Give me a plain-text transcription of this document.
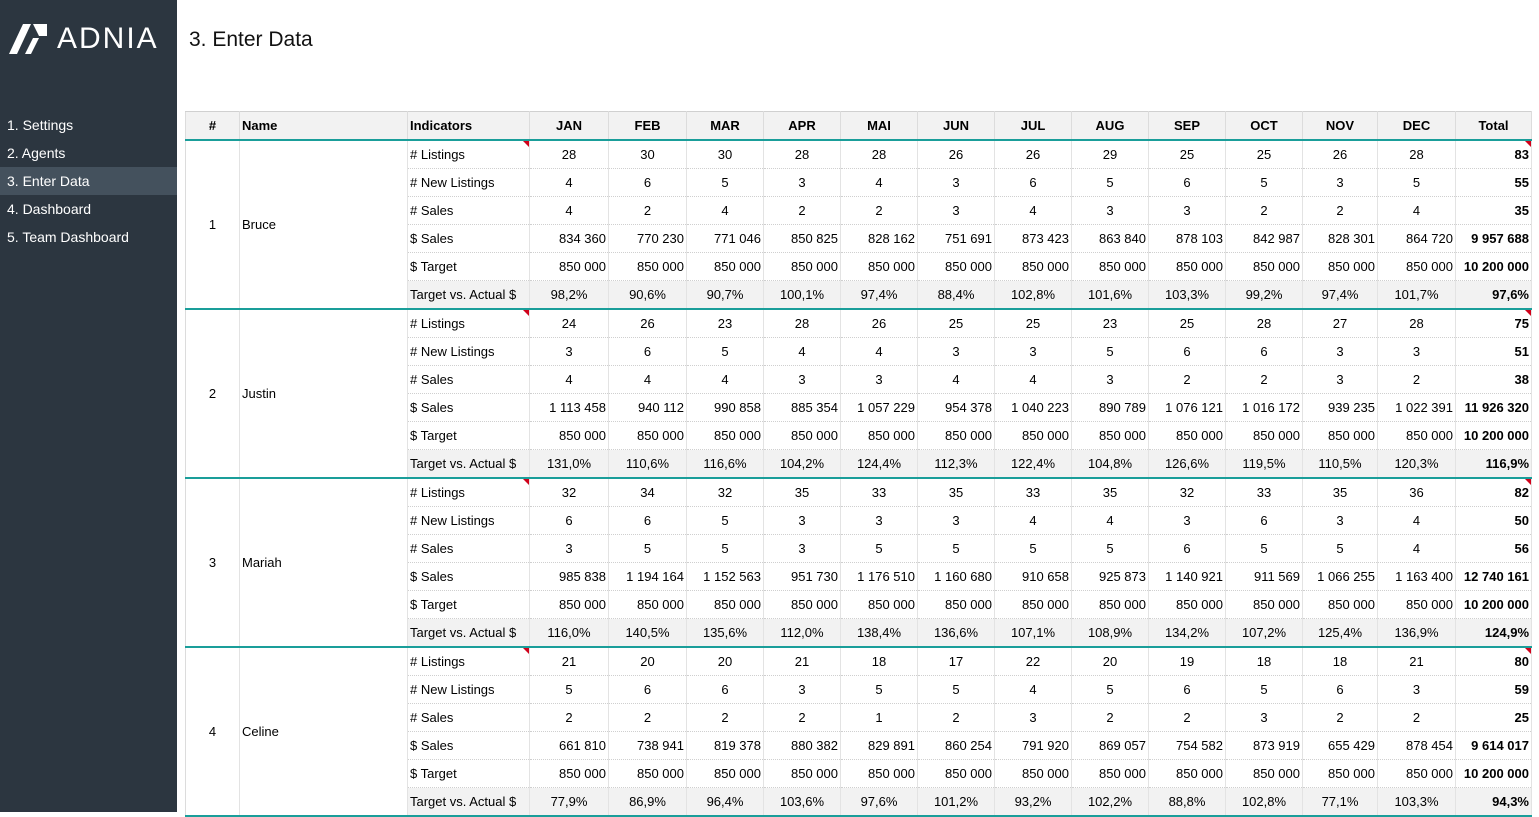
ADNIA
1. Settings
2. Agents
3. Enter Data
4. Dashboard
5. Team Dashboard
3. Enter Data
#	Name	Indicators	JAN	FEB	MAR	APR	MAI	JUN	JUL	AUG	SEP	OCT	NOV	DEC	Total
1	Bruce	# Listings	28	30	30	28	28	26	26	29	25	25	26	28	83

		# New Listings	4	6	5	3	4	3	6	5	6	5	3	5	55
		# Sales	4	2	4	2	2	3	4	3	3	2	2	4	35
		$ Sales	834 360	770 230	771 046	850 825	828 162	751 691	873 423	863 840	878 103	842 987	828 301	864 720	9 957 688
		$ Target	850 000	850 000	850 000	850 000	850 000	850 000	850 000	850 000	850 000	850 000	850 000	850 000	10 200 000
		Target vs. Actual $	98,2%	90,6%	90,7%	100,1%	97,4%	88,4%	102,8%	101,6%	103,3%	99,2%	97,4%	101,7%	97,6%
2	Justin	# Listings	24	26	23	28	26	25	25	23	25	28	27	28	75

		# New Listings	3	6	5	4	4	3	3	5	6	6	3	3	51
		# Sales	4	4	4	3	3	4	4	3	2	2	3	2	38
		$ Sales	1 113 458	940 112	990 858	885 354	1 057 229	954 378	1 040 223	890 789	1 076 121	1 016 172	939 235	1 022 391	11 926 320
		$ Target	850 000	850 000	850 000	850 000	850 000	850 000	850 000	850 000	850 000	850 000	850 000	850 000	10 200 000
		Target vs. Actual $	131,0%	110,6%	116,6%	104,2%	124,4%	112,3%	122,4%	104,8%	126,6%	119,5%	110,5%	120,3%	116,9%
3	Mariah	# Listings	32	34	32	35	33	35	33	35	32	33	35	36	82

		# New Listings	6	6	5	3	3	3	4	4	3	6	3	4	50
		# Sales	3	5	5	3	5	5	5	5	6	5	5	4	56
		$ Sales	985 838	1 194 164	1 152 563	951 730	1 176 510	1 160 680	910 658	925 873	1 140 921	911 569	1 066 255	1 163 400	12 740 161
		$ Target	850 000	850 000	850 000	850 000	850 000	850 000	850 000	850 000	850 000	850 000	850 000	850 000	10 200 000
		Target vs. Actual $	116,0%	140,5%	135,6%	112,0%	138,4%	136,6%	107,1%	108,9%	134,2%	107,2%	125,4%	136,9%	124,9%
4	Celine	# Listings	21	20	20	21	18	17	22	20	19	18	18	21	80

		# New Listings	5	6	6	3	5	5	4	5	6	5	6	3	59
		# Sales	2	2	2	2	1	2	3	2	2	3	2	2	25
		$ Sales	661 810	738 941	819 378	880 382	829 891	860 254	791 920	869 057	754 582	873 919	655 429	878 454	9 614 017
		$ Target	850 000	850 000	850 000	850 000	850 000	850 000	850 000	850 000	850 000	850 000	850 000	850 000	10 200 000
		Target vs. Actual $	77,9%	86,9%	96,4%	103,6%	97,6%	101,2%	93,2%	102,2%	88,8%	102,8%	77,1%	103,3%	94,3%
